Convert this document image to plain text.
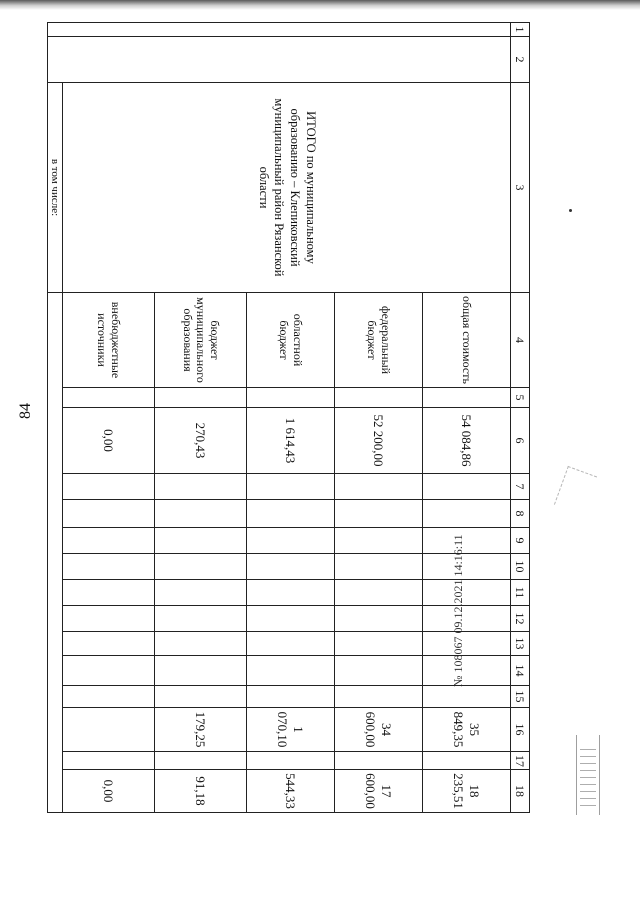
84
№ 108067 09.12.2021 14:16:11
1	2	3	4	5	6	7	8	9	10	11	12	13	14	15	16	17	18
		ИТОГО по муниципальному образованию – Клепиковский муниципальный район Рязанской области	общая стоимость		54 084,86										35 849,35		18 235,51
			федеральный бюджет		52 200,00										34 600,00		17 600,00
			областной бюджет		1 614,43										1 070,10		544,33
			бюджет муниципального образования		270,43										179,25		91,18
			внебюджетные источники		0,00												0,00
		в том числе:															
